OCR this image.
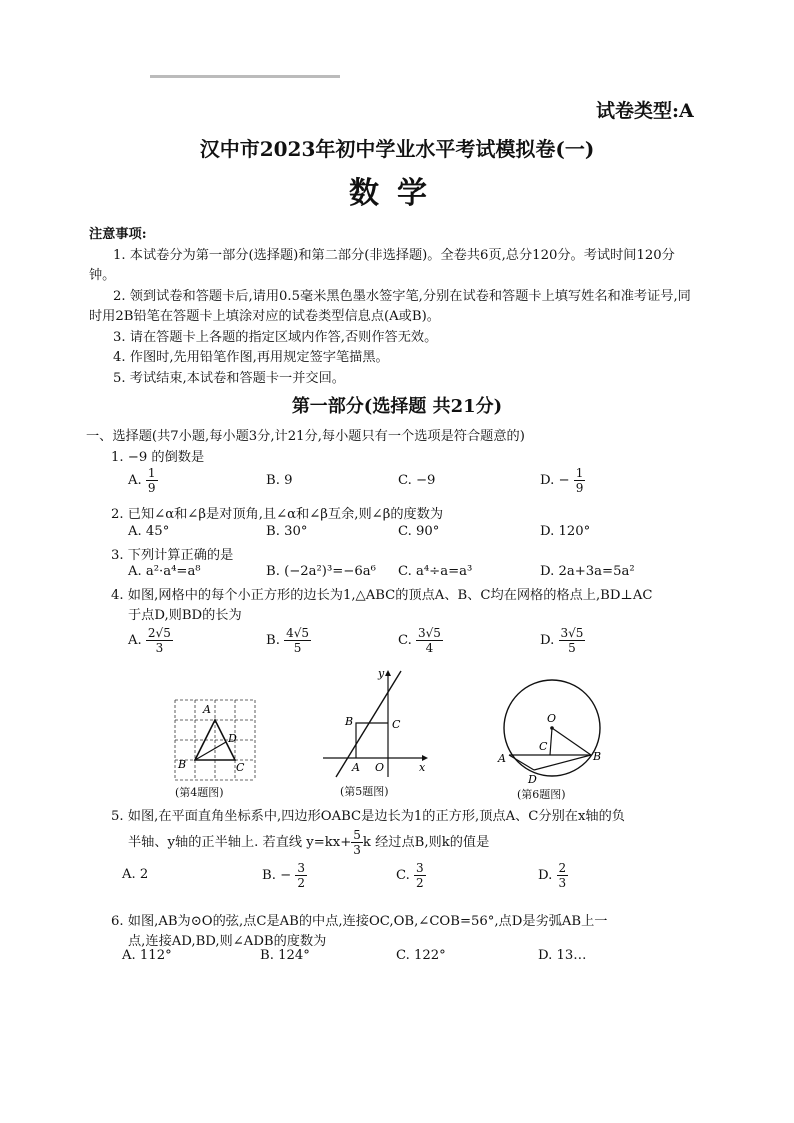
试卷类型:A
汉中市2023年初中学业水平考试模拟卷(一)
数学
注意事项:
1. 本试卷分为第一部分(选择题)和第二部分(非选择题)。全卷共6页,总分120分。考试时间120分钟。
2. 领到试卷和答题卡后,请用0.5毫米黑色墨水签字笔,分别在试卷和答题卡上填写姓名和准考证号,同时用2B铅笔在答题卡上填涂对应的试卷类型信息点(A或B)。
3. 请在答题卡上各题的指定区域内作答,否则作答无效。
4. 作图时,先用铅笔作图,再用规定签字笔描黑。
5. 考试结束,本试卷和答题卡一并交回。
第一部分(选择题 共21分)
一、选择题(共7小题,每小题3分,计21分,每小题只有一个选项是符合题意的)
1. −9 的倒数是
A. $\frac{1}{9}$	B. 9	C. −9	D. − $\frac{1}{9}$
2. 已知∠α和∠β是对顶角,且∠α和∠β互余,则∠β的度数为
A. 45°	B. 30°	C. 90°	D. 120°
3. 下列计算正确的是
A. a²·a⁴=a⁸	B. (−2a²)³=−6a⁶ C. a⁴÷a=a³	D. 2a+3a=5a²
4. 如图,网格中的每个小正方形的边长为1,△ABC的顶点A、B、C均在网格的格点上,BD⊥AC
于点D,则BD的长为
A. $\frac{2√5}{3}$	B. $\frac{4√5}{5}$	C. $\frac{3√5}{4}$	D. $\frac{3√5}{5}$
A
B	C
D
(第4题图)
y
B	C
A O	x
(第5题图)
O
C
A	B
D
(第6题图)
5. 如图,在平面直角坐标系中,四边形OABC是边长为1的正方形,顶点A、C分别在x轴的负
半轴、y轴的正半轴上. 若直线 $y=kx+ \frac{5}{3}$ k 经过点B,则k的值是
A. 2	B. − $\frac{3}{2}$	C. $\frac{3}{2}$	D. $\frac{2}{3}$
6. 如图,AB为⊙O的弦,点C是AB的中点,连接OC,OB,∠COB=56°,点D是劣弧AB上一
点,连接AD,BD,则∠ADB的度数为
A. 112°	B. 124°	C. 122°	D. 13…
